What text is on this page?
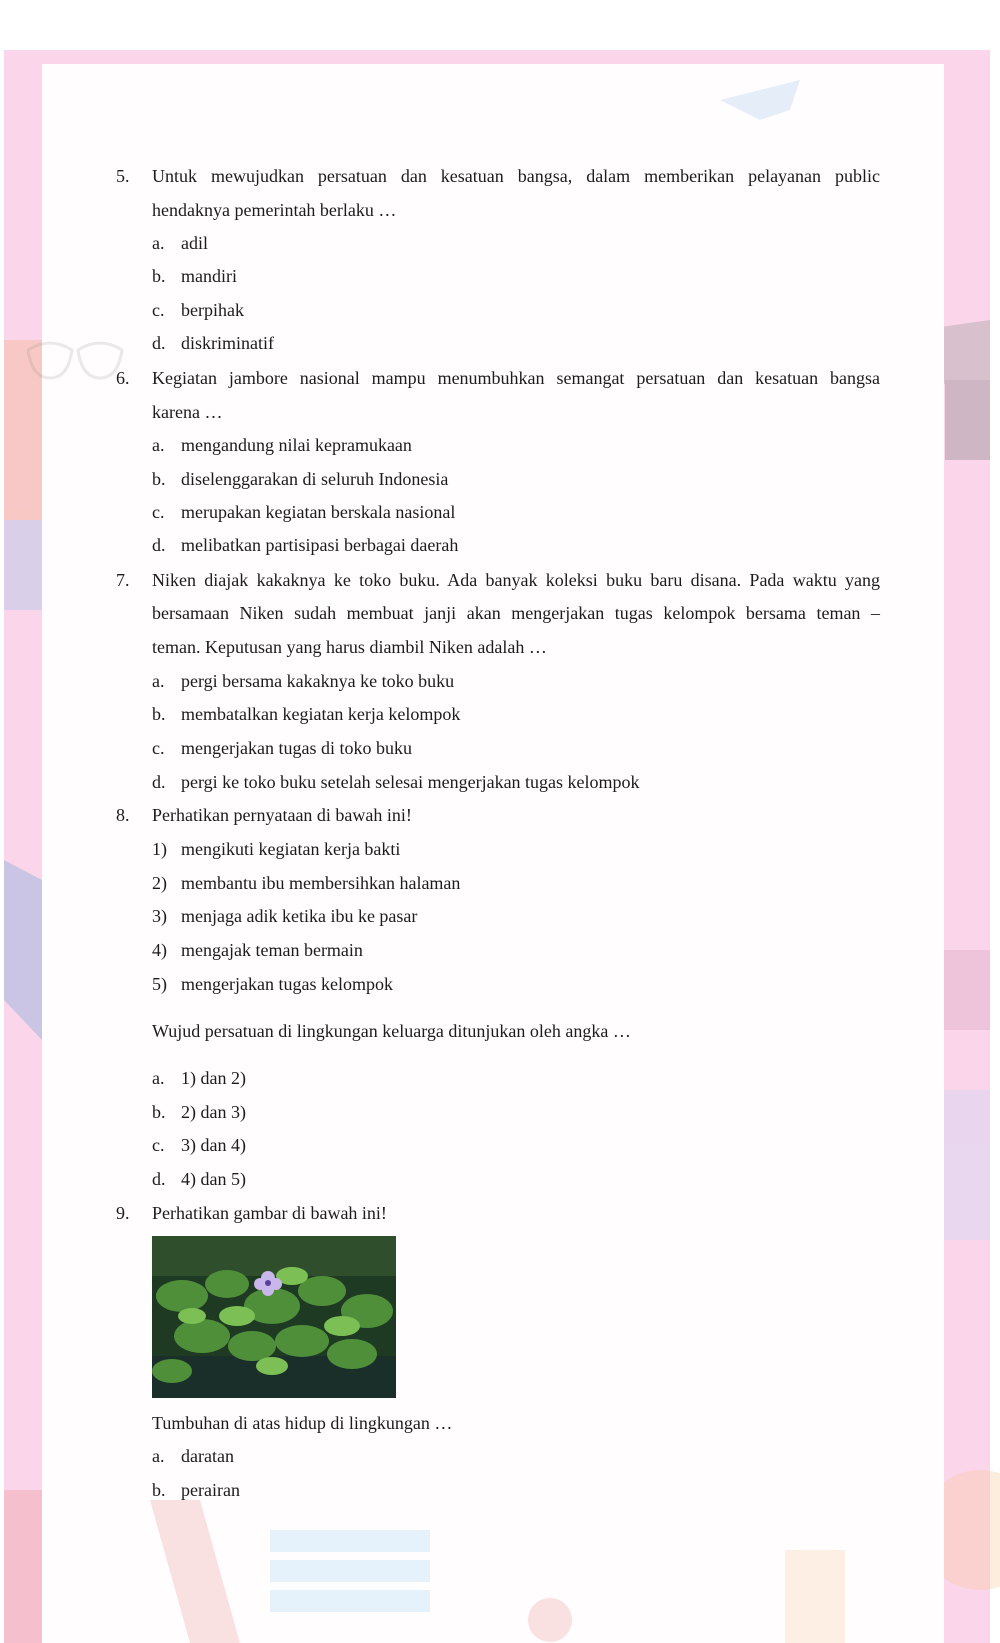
5. Untuk mewujudkan persatuan dan kesatuan bangsa, dalam memberikan pelayanan public
hendaknya pemerintah berlaku …
a. adil
b. mandiri
c. berpihak
d. diskriminatif
6. Kegiatan jambore nasional mampu menumbuhkan semangat persatuan dan kesatuan bangsa
karena …
a. mengandung nilai kepramukaan
b. diselenggarakan di seluruh Indonesia
c. merupakan kegiatan berskala nasional
d. melibatkan partisipasi berbagai daerah
7. Niken diajak kakaknya ke toko buku. Ada banyak koleksi buku baru disana. Pada waktu yang
bersamaan Niken sudah membuat janji akan mengerjakan tugas kelompok bersama teman –
teman. Keputusan yang harus diambil Niken adalah …
a. pergi bersama kakaknya ke toko buku
b. membatalkan kegiatan kerja kelompok
c. mengerjakan tugas di toko buku
d. pergi ke toko buku setelah selesai mengerjakan tugas kelompok
8. Perhatikan pernyataan di bawah ini!
1) mengikuti kegiatan kerja bakti
2) membantu ibu membersihkan halaman
3) menjaga adik ketika ibu ke pasar
4) mengajak teman bermain
5) mengerjakan tugas kelompok
Wujud persatuan di lingkungan keluarga ditunjukan oleh angka …
a. 1) dan 2)
b. 2) dan 3)
c. 3) dan 4)
d. 4) dan 5)
9. Perhatikan gambar di bawah ini!
Tumbuhan di atas hidup di lingkungan …
a. daratan
b. perairan
